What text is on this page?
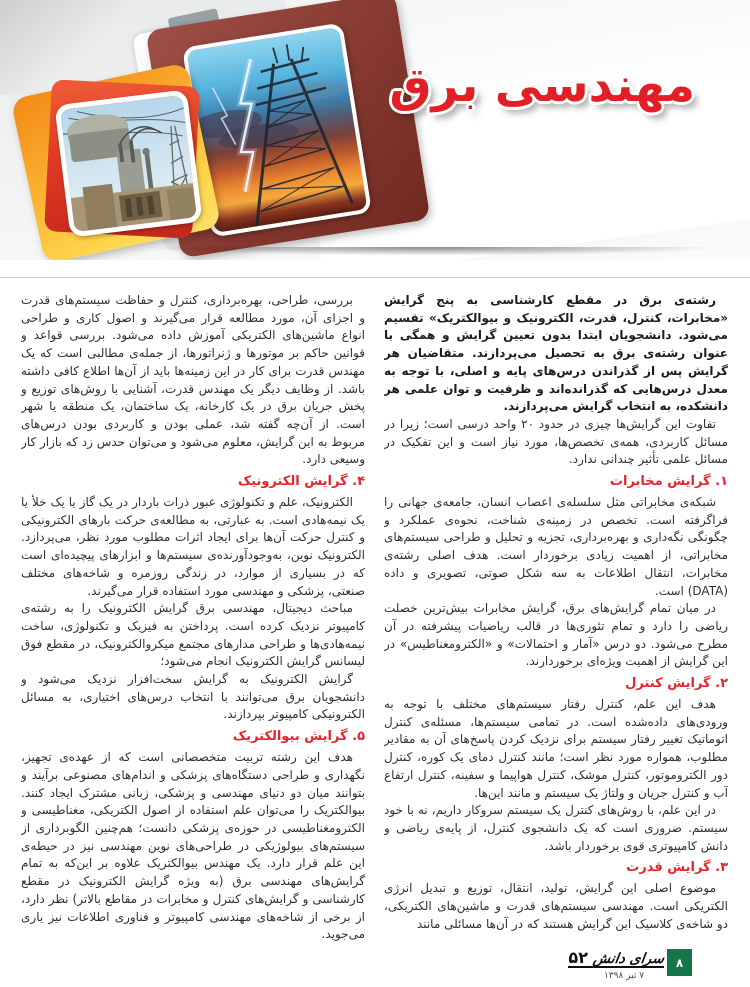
مهندسی برق

رشته‌ی برق در مقطع کارشناسی به پنج گرایش «مخابرات، کنترل، قدرت، الکترونیک و بیوالکتریک» تقسیم می‌شود. دانشجویان ابتدا بدون تعیین گرایش و همگی با عنوان رشته‌ی برق به تحصیل می‌پردازند. متقاضیان هر گرایش پس از گذراندن درس‌های پایه و اصلی، با توجه به معدل درس‌هایی که گذرانده‌اند و ظرفیت و توان علمی هر دانشکده، به انتخاب گرایش می‌پردازند.

تفاوت این گرایش‌ها چیزی در حدود ۲۰ واحد درسی است؛ زیرا در مسائل کاربردی، همه‌ی تخصص‌ها، مورد نیاز است و این تفکیک در مسائل علمی تأثیر چندانی ندارد.

۱. گرایش مخابرات

شبکه‌ی مخابراتی مثل سلسله‌ی اعصاب انسان، جامعه‌ی جهانی را فراگرفته است. تخصص در زمینه‌ی شناخت، نحوه‌ی عملکرد و چگونگی نگه‌داری و بهره‌برداری، تجزیه و تحلیل و طراحی سیستم‌های مخابراتی، از اهمیت زیادی برخوردار است. هدف اصلی رشته‌ی مخابرات، انتقال اطلاعات به سه شکل صوتی، تصویری و داده (DATA) است.

در میان تمام گرایش‌های برق، گرایش مخابرات بیش‌ترین خصلت ریاضی را دارد و تمام تئوری‌ها در قالب ریاضیات پیشرفته در آن مطرح می‌شود. دو درس «آمار و احتمالات» و «الکترومغناطیس» در این گرایش از اهمیت ویژه‌ای برخوردارند.

۲. گرایش کنترل

هدف این علم، کنترل رفتار سیستم‌های مختلف با توجه به ورودی‌های داده‌شده است. در تمامی سیستم‌ها، مسئله‌ی کنترل اتوماتیک تغییر رفتار سیستم برای نزدیک کردن پاسخ‌های آن به مقادیر مطلوب، همواره مورد نظر است؛ مانند کنترل دمای یک کوره، کنترل دور الکتروموتور، کنترل موشک، کنترل هواپیما و سفینه، کنترل ارتفاع آب و کنترل جریان و ولتاژ یک سیستم و مانند این‌ها.

در این علم، با روش‌های کنترل یک سیستم سروکار داریم، نه با خود سیستم. ضروری است که یک دانشجوی کنترل، از پایه‌ی ریاضی و دانش کامپیوتری قوی برخوردار باشد.

۳. گرایش قدرت

موضوع اصلی این گرایش، تولید، انتقال، توزیع و تبدیل انرژی الکتریکی است. مهندسی سیستم‌های قدرت و ماشین‌های الکتریکی، دو شاخه‌ی کلاسیک این گرایش هستند که در آن‌ها مسائلی مانند

بررسی، طراحی، بهره‌برداری، کنترل و حفاظت سیستم‌های قدرت و اجزای آن، مورد مطالعه قرار می‌گیرند و اصول کاری و طراحی انواع ماشین‌های الکتریکی آموزش داده می‌شود. بررسی قواعد و قوانین حاکم بر موتورها و ژنراتورها، از جمله‌ی مطالبی است که یک مهندس قدرت برای کار در این زمینه‌ها باید از آن‌ها اطلاع کافی داشته باشد. از وظایف دیگر یک مهندس قدرت، آشنایی با روش‌های توزیع و پخش جریان برق در یک کارخانه، یک ساختمان، یک منطقه یا شهر است. از آن‌چه گفته شد، عملی بودن و کاربردی بودن درس‌های مربوط به این گرایش، معلوم می‌شود و می‌توان حدس زد که بازار کار وسیعی دارد.

۴. گرایش الکترونیک

الکترونیک، علم و تکنولوژی عبور ذرات باردار در یک گاز یا یک خلأ یا یک نیمه‌هادی است. به عبارتی، به مطالعه‌ی حرکت بارهای الکترونیکی و کنترل حرکت آن‌ها برای ایجاد اثرات مطلوب مورد نظر، می‌پردازد. الکترونیک نوین، به‌وجودآورنده‌ی سیستم‌ها و ابزارهای پیچیده‌ای است که در بسیاری از موارد، در زندگی روزمره و شاخه‌های مختلف صنعتی، پزشکی و مهندسی مورد استفاده قرار می‌گیرند.

مباحث دیجیتال، مهندسی برق گرایش الکترونیک را به رشته‌ی کامپیوتر نزدیک کرده است. پرداختن به فیزیک و تکنولوژی، ساخت نیمه‌هادی‌ها و طراحی مدارهای مجتمع میکروالکترونیک، در مقطع فوق لیسانس گرایش الکترونیک انجام می‌شود؛

گرایش الکترونیک به گرایش سخت‌افزار نزدیک می‌شود و دانشجویان برق می‌توانند با انتخاب درس‌های اختیاری، به مسائل الکترونیکی کامپیوتر بپردازند.

۵. گرایش بیوالکتریک

هدف این رشته تربیت متخصصانی است که از عهده‌ی تجهیز، نگهداری و طراحی دستگاه‌های پزشکی و اندام‌های مصنوعی برآیند و بتوانند میان دو دنیای مهندسی و پزشکی، زبانی مشترک ایجاد کنند. بیوالکتریک را می‌توان علم استفاده از اصول الکتریکی، مغناطیسی و الکترومغناطیسی در حوزه‌ی پزشکی دانست؛ هم‌چنین الگوبرداری از سیستم‌های بیولوژیکی در طراحی‌های نوین مهندسی نیز در حیطه‌ی این علم قرار دارد. یک مهندس بیوالکتریک علاوه بر این‌که به تمام گرایش‌های مهندسی برق (به ویژه گرایش الکترونیک در مقطع کارشناسی و گرایش‌های کنترل و مخابرات در مقاطع بالاتر) نظر دارد، از برخی از شاخه‌های مهندسی کامپیوتر و فناوری اطلاعات نیز یاری می‌جوید.

۸
سرای دانش
۵۲
۷ تیر ۱۳۹۸
